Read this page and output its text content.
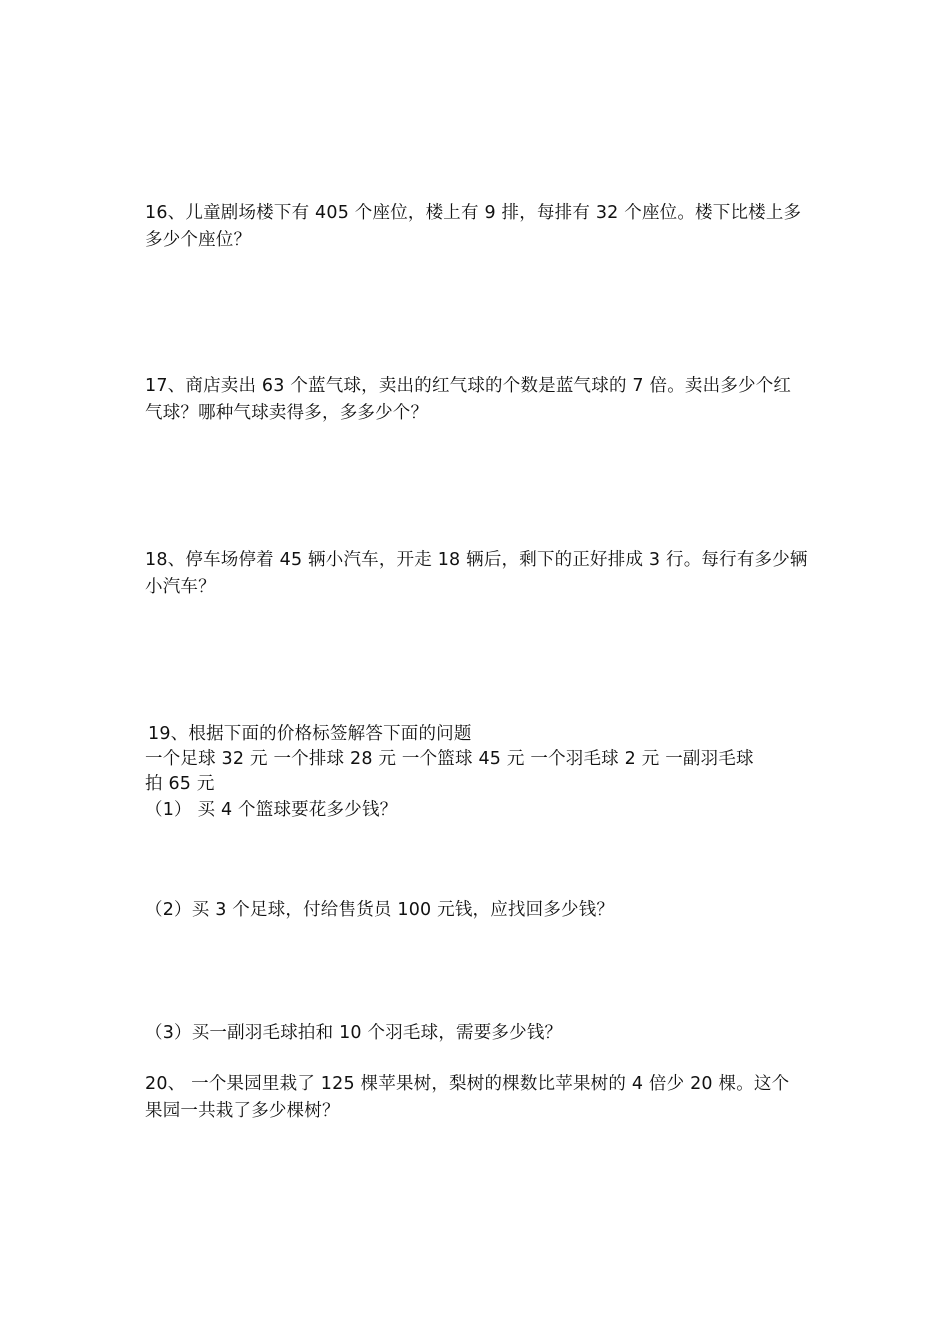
16、儿童剧场楼下有 405 个座位，楼上有 9 排，每排有 32 个座位。楼下比楼上多
多少个座位？
17、商店卖出 63 个蓝气球，卖出的红气球的个数是蓝气球的 7 倍。卖出多少个红
气球？哪种气球卖得多，多多少个？
18、停车场停着 45 辆小汽车，开走 18 辆后，剩下的正好排成 3 行。每行有多少辆
小汽车？
19、根据下面的价格标签解答下面的问题
一个足球 32 元 一个排球 28 元 一个篮球 45 元 一个羽毛球 2 元 一副羽毛球
拍 65 元
（1） 买 4 个篮球要花多少钱？
（2）买 3 个足球，付给售货员 100 元钱，应找回多少钱？
（3）买一副羽毛球拍和 10 个羽毛球，需要多少钱？
20、 一个果园里栽了 125 棵苹果树，梨树的棵数比苹果树的 4 倍少 20 棵。这个
果园一共栽了多少棵树？
